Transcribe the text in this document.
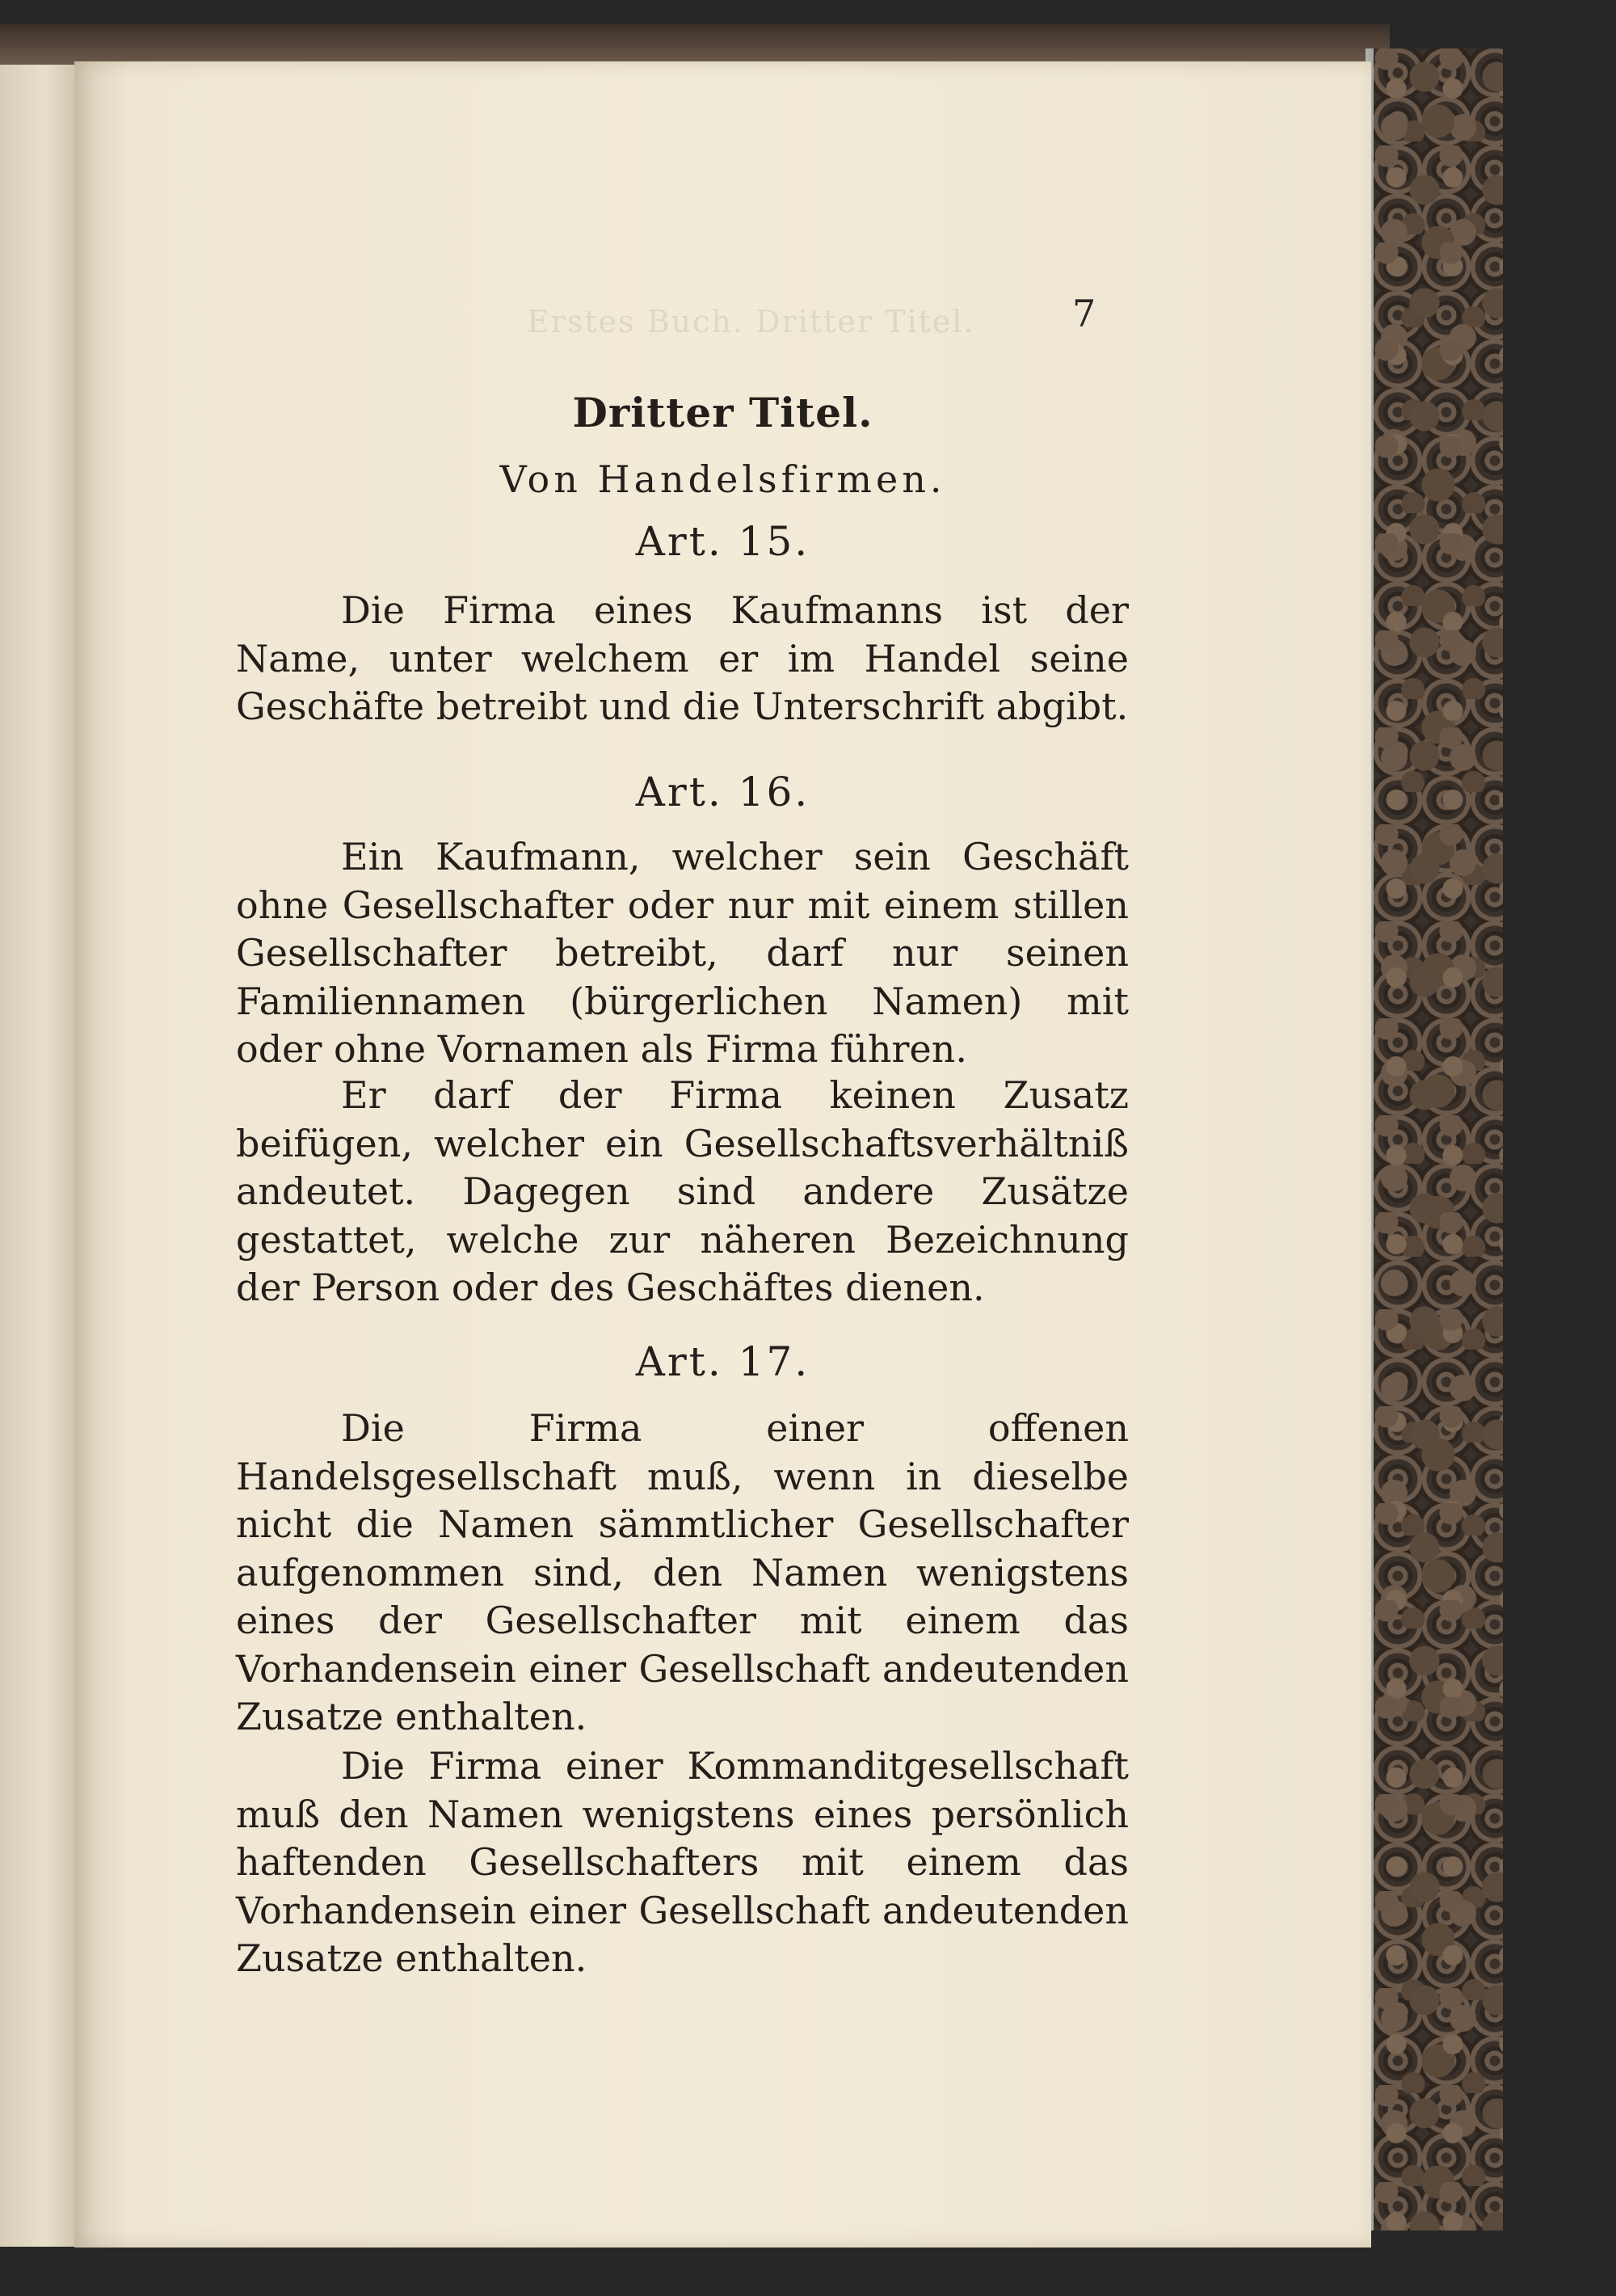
Erstes Buch. Dritter Titel.	7
Dritter Titel.
Von Handelsfirmen.
Art. 15.

Die Firma eines Kaufmanns ist der Name, unter welchem er im Handel seine Geschäfte betreibt und die Unterschrift abgibt.

Art. 16.

Ein Kaufmann, welcher sein Geschäft ohne Gesellschafter oder nur mit einem stillen Gesellschafter betreibt, darf nur seinen Familiennamen (bürgerlichen Namen) mit oder ohne Vornamen als Firma führen.

Er darf der Firma keinen Zusatz beifügen, welcher ein Gesellschaftsverhältniß andeutet. Dagegen sind andere Zusätze gestattet, welche zur näheren Bezeichnung der Person oder des Geschäftes dienen.

Art. 17.

Die Firma einer offenen Handelsgesellschaft muß, wenn in dieselbe nicht die Namen sämmtlicher Gesellschafter aufgenommen sind, den Namen wenigstens eines der Gesellschafter mit einem das Vorhandensein einer Gesellschaft andeutenden Zusatze enthalten.

Die Firma einer Kommanditgesellschaft muß den Namen wenigstens eines persönlich haftenden Gesellschafters mit einem das Vorhandensein einer Gesellschaft andeutenden Zusatze enthalten.
